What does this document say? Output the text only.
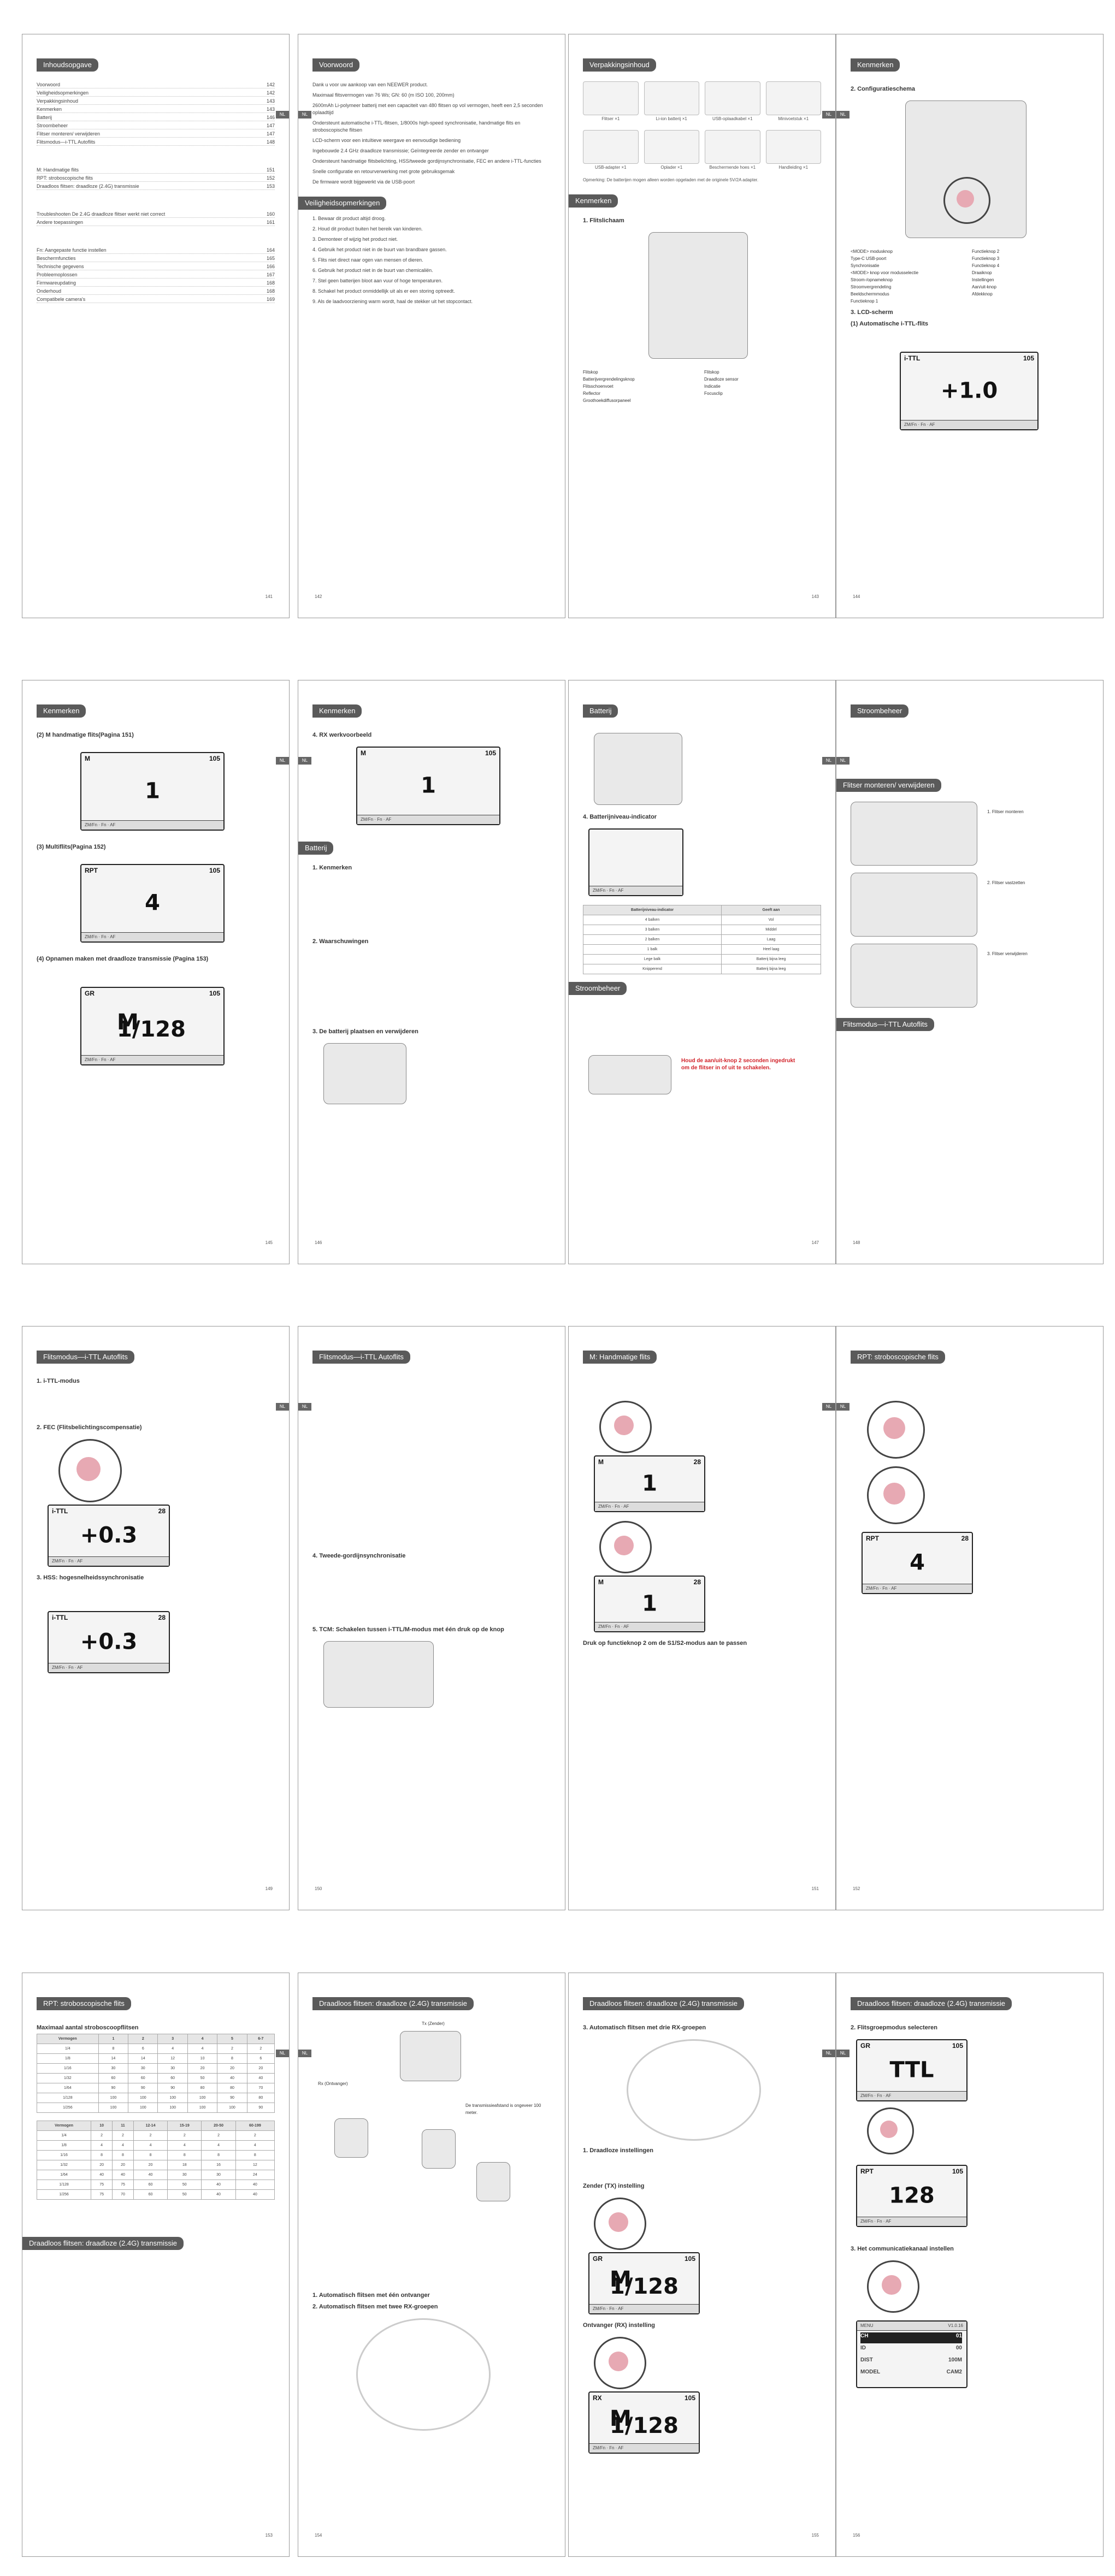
Inhoudsopgave
NL
141
Voorwoord	142
Veiligheidsopmerkingen	142
Verpakkingsinhoud	143
Kenmerken	143
Batterij	146
Stroombeheer	147
Flitser monteren/ verwijderen	147
Flitsmodus—i-TTL Autoflits	148
M: Handmatige flits	151
RPT: stroboscopische flits	152
Draadloos flitsen: draadloze (2.4G) transmissie	153
Troubleshooten De 2.4G draadloze flitser werkt niet correct	160
Andere toepassingen	161
Fn: Aangepaste functie instellen	164
Beschermfuncties	165
Technische gegevens	166
Probleemoplossen	167
Firmwareupdating	168
Onderhoud	168
Compatibele camera's	169
Voorwoord
NL
142

Dank u voor uw aankoop van een NEEWER product.

Maximaal flitsvermogen van 76 Ws; GN: 60 (m ISO 100, 200mm)

2600mAh Li-polymeer batterij met een capaciteit van 480 flitsen op vol vermogen, heeft een 2,5 seconden oplaadtijd

Ondersteunt automatische i-TTL-flitsen, 1/8000s high-speed synchronisatie, handmatige flits en stroboscopische flitsen

LCD-scherm voor een intuïtieve weergave en eenvoudige bediening

Ingebouwde 2.4 GHz draadloze transmissie; Geïntegreerde zender en ontvanger

Ondersteunt handmatige flitsbelichting, HSS/tweede gordijnsynchronisatie, FEC en andere i-TTL-functies

Snelle configuratie en retourverwerking met grote gebruiksgemak

De firmware wordt bijgewerkt via de USB-poort

Veiligheidsopmerkingen

1. Bewaar dit product altijd droog.

2. Houd dit product buiten het bereik van kinderen.

3. Demonteer of wijzig het product niet.

4. Gebruik het product niet in de buurt van brandbare gassen.

5. Flits niet direct naar ogen van mensen of dieren.

6. Gebruik het product niet in de buurt van chemicaliën.

7. Stel geen batterijen bloot aan vuur of hoge temperaturen.

8. Schakel het product onmiddellijk uit als er een storing optreedt.

9. Als de laadvoorziening warm wordt, haal de stekker uit het stopcontact.

Verpakkingsinhoud
NL
143
Flitser ×1	Li-ion batterij ×1	USB-oplaadkabel ×1	Minivoetstuk ×1
USB-adapter ×1	Oplader ×1	Beschermende hoes ×1	Handleiding ×1

Opmerking: De batterijen mogen alleen worden opgeladen met de originele 5V/2A adapter.

Kenmerken

1. Flitslichaam
Flitskop
Batterijvergrendelingsknop
Flitsschoenvoet
Reflector
Groothoekdiffusorpaneel
Flitskop
Draadloze sensor
Indicatie
Focusclip
Kenmerken
NL
144
2. Configuratieschema
<MODE> modusknop
Type-C USB-poort
Synchronisatie
<MODE> knop voor modusselectie
Stroom-/opnameknop
Stroomvergrendeling
Beeldschermmodus
Functieknop 1
Functieknop 2
Functieknop 3
Functieknop 4
Draaiknop
Instellingen
Aan/uit-knop
Afdekknop
3. LCD-scherm
(1) Automatische i-TTL-flits
i-TTL	105
+1.0
ZM/Fn · Fn · AF
Kenmerken
NL
145
(2) M handmatige flits(Pagina 151)
M	105
1
ZM/Fn · Fn · AF
(3) Multiflits(Pagina 152)
RPT	105
4
ZM/Fn · Fn · AF
(4) Opnamen maken met draadloze transmissie (Pagina 153)
GR	105
M 1/128
ZM/Fn · Fn · AF
Kenmerken
NL
146
4. RX werkvoorbeeld
M	105
1
ZM/Fn · Fn · AF
Batterij

1. Kenmerken
2. Waarschuwingen
3. De batterij plaatsen en verwijderen
Batterij
NL
147
4. Batterijniveau-indicator
ZM/Fn · Fn · AF
Batterijniveau-indicator	Geeft aan
4 balken	Vol
3 balken	Middel
2 balken	Laag
1 balk	Heel laag
Lege balk	Batterij bijna leeg
Knipperend	Batterij bijna leeg
Stroombeheer

Houd de aan/uit-knop 2 seconden ingedrukt om de flitser in of uit te schakelen.
Stroombeheer
NL
148
Flitser monteren/ verwijderen

1. Flitser monteren
2. Flitser vastzetten
3. Flitser verwijderen
Flitsmodus—i-TTL Autoflits

Flitsmodus—i-TTL Autoflits
NL
149
1. i-TTL-modus
2. FEC (Flitsbelichtingscompensatie)
i-TTL	28
+0.3
ZM/Fn · Fn · AF
3. HSS: hogesnelheidssynchronisatie
i-TTL	28
+0.3
ZM/Fn · Fn · AF
Flitsmodus—i-TTL Autoflits
NL
150
4. Tweede-gordijnsynchronisatie
5. TCM: Schakelen tussen i-TTL/M-modus met één druk op de knop
M: Handmatige flits
NL
151
M	28
1
ZM/Fn · Fn · AF
M	28
1
ZM/Fn · Fn · AF
Druk op functieknop 2 om de S1/S2-modus aan te passen
RPT: stroboscopische flits
NL
152
RPT	28
4
ZM/Fn · Fn · AF
RPT: stroboscopische flits
NL
153
Maximaal aantal stroboscoopflitsen
Vermogen	1	2	3	4	5	6-7
1/4	8	6	4	4	2	2
1/8	14	14	12	10	8	6
1/16	30	30	30	20	20	20
1/32	60	60	60	50	40	40
1/64	90	90	90	80	80	70
1/128	100	100	100	100	90	80
1/256	100	100	100	100	100	90
Vermogen	10	11	12-14	15-19	20-50	60-199
1/4	2	2	2	2	2	2
1/8	4	4	4	4	4	4
1/16	8	8	8	8	8	8
1/32	20	20	20	18	16	12
1/64	40	40	40	30	30	24
1/128	75	75	60	50	40	40
1/256	75	70	60	50	40	40
Draadloos flitsen: draadloze (2.4G) transmissie

Draadloos flitsen: draadloze (2.4G) transmissie
NL
154
Tx (Zender)
Rx (Ontvanger)
De transmissieafstand is ongeveer 100 meter.
1. Automatisch flitsen met één ontvanger
2. Automatisch flitsen met twee RX-groepen
Draadloos flitsen: draadloze (2.4G) transmissie
NL
155
3. Automatisch flitsen met drie RX-groepen
1. Draadloze instellingen
Zender (TX) instelling
GR	105
M 1/128
ZM/Fn · Fn · AF
Ontvanger (RX) instelling
RX	105
M 1/128
ZM/Fn · Fn · AF
Draadloos flitsen: draadloze (2.4G) transmissie
NL
156
2. Flitsgroepmodus selecteren
GR	105
TTL
ZM/Fn · Fn · AF
RPT	105
128
ZM/Fn · Fn · AF
3. Het communicatiekanaal instellen
MENU	V1.0.16
CH	01
ID	00
DIST	100M
MODEL	CAM2
